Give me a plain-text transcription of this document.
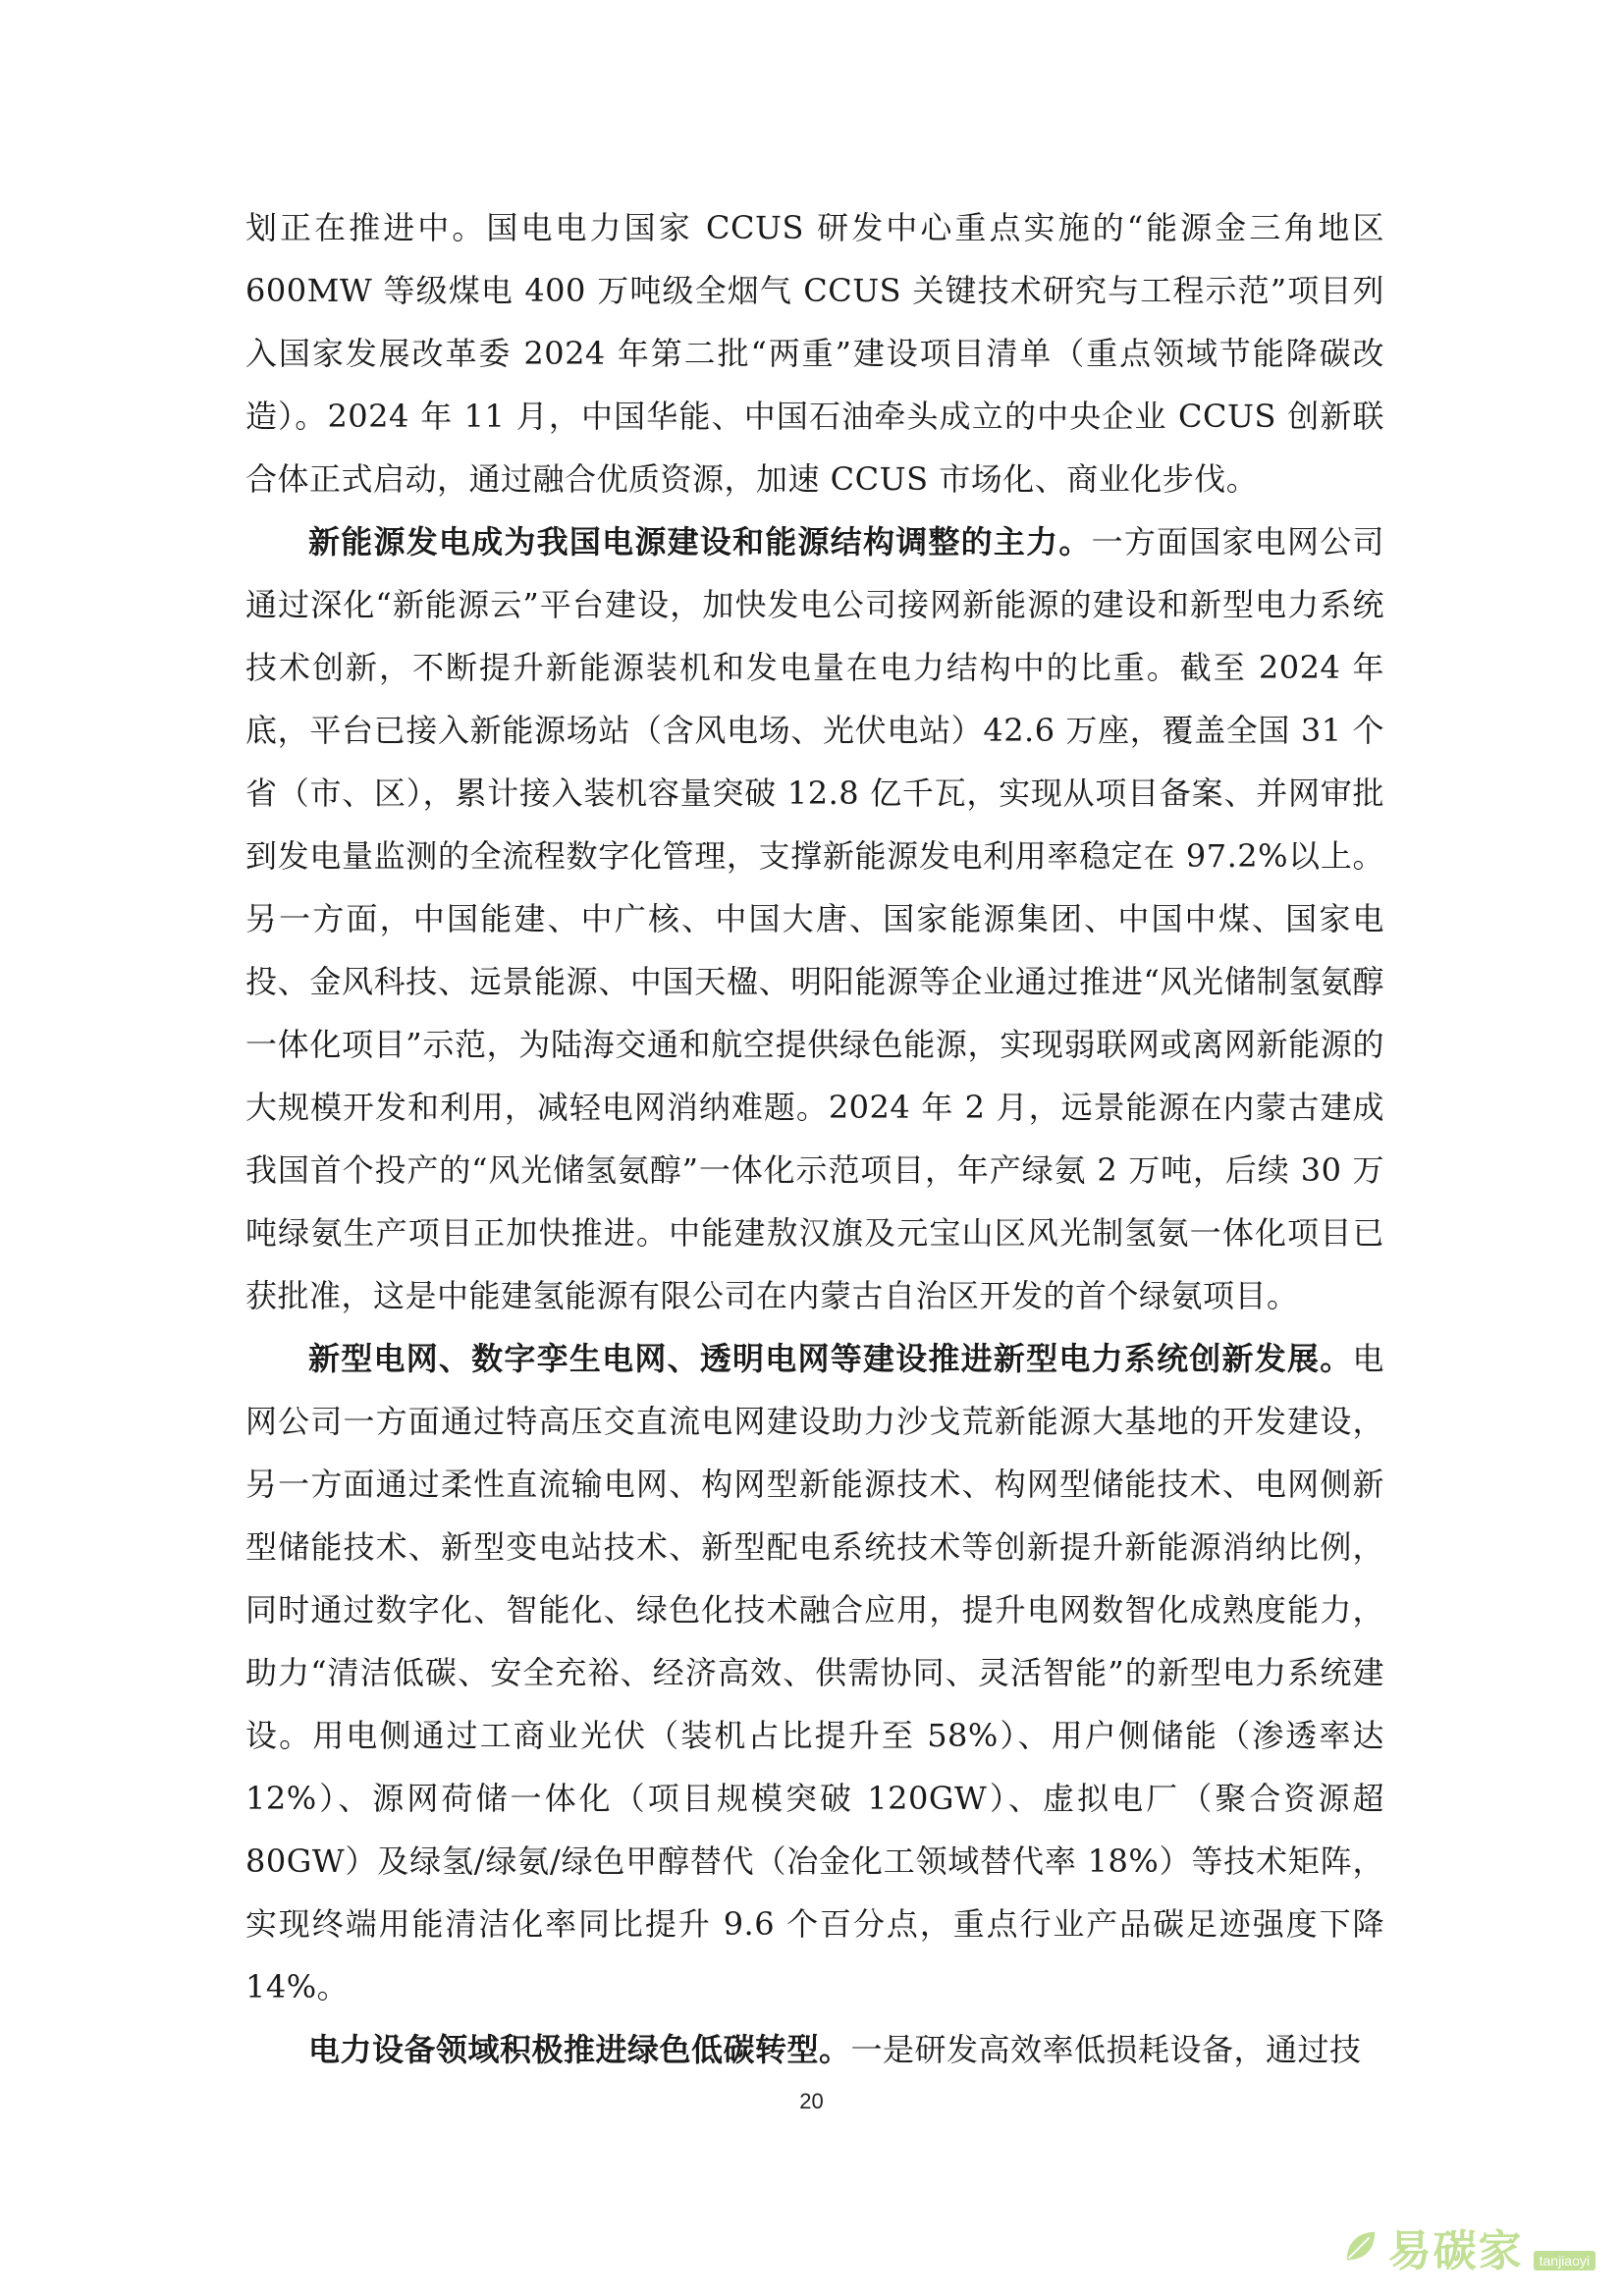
划正在推进中。国电电力国家 CCUS 研发中心重点实施的“能源金三角地区 600MW 等级煤电 400 万吨级全烟气 CCUS 关键技术研究与工程示范”项目列入国家发展改革委 2024 年第二批“两重”建设项目清单（重点领域节能降碳改造）。2024 年 11 月，中国华能、中国石油牵头成立的中央企业 CCUS 创新联合体正式启动，通过融合优质资源，加速 CCUS 市场化、商业化步伐。

新能源发电成为我国电源建设和能源结构调整的主力。一方面国家电网公司通过深化“新能源云”平台建设，加快发电公司接网新能源的建设和新型电力系统技术创新，不断提升新能源装机和发电量在电力结构中的比重。截至 2024 年底，平台已接入新能源场站（含风电场、光伏电站）42.6 万座，覆盖全国 31 个省（市、区），累计接入装机容量突破 12.8 亿千瓦，实现从项目备案、并网审批到发电量监测的全流程数字化管理，支撑新能源发电利用率稳定在 97.2%以上。另一方面，中国能建、中广核、中国大唐、国家能源集团、中国中煤、国家电投、金风科技、远景能源、中国天楹、明阳能源等企业通过推进“风光储制氢氨醇一体化项目”示范，为陆海交通和航空提供绿色能源，实现弱联网或离网新能源的大规模开发和利用，减轻电网消纳难题。2024 年 2 月，远景能源在内蒙古建成我国首个投产的“风光储氢氨醇”一体化示范项目，年产绿氨 2 万吨，后续 30 万吨绿氨生产项目正加快推进。中能建敖汉旗及元宝山区风光制氢氨一体化项目已获批准，这是中能建氢能源有限公司在内蒙古自治区开发的首个绿氨项目。

新型电网、数字孪生电网、透明电网等建设推进新型电力系统创新发展。电网公司一方面通过特高压交直流电网建设助力沙戈荒新能源大基地的开发建设，另一方面通过柔性直流输电网、构网型新能源技术、构网型储能技术、电网侧新型储能技术、新型变电站技术、新型配电系统技术等创新提升新能源消纳比例，同时通过数字化、智能化、绿色化技术融合应用，提升电网数智化成熟度能力，助力“清洁低碳、安全充裕、经济高效、供需协同、灵活智能”的新型电力系统建设。用电侧通过工商业光伏（装机占比提升至 58%）、用户侧储能（渗透率达 12%）、源网荷储一体化（项目规模突破 120GW）、虚拟电厂（聚合资源超 80GW）及绿氢/绿氨/绿色甲醇替代（冶金化工领域替代率 18%）等技术矩阵，实现终端用能清洁化率同比提升 9.6 个百分点，重点行业产品碳足迹强度下降 14%。

电力设备领域积极推进绿色低碳转型。一是研发高效率低损耗设备，通过技

20
易碳家	tanjiaoyi
